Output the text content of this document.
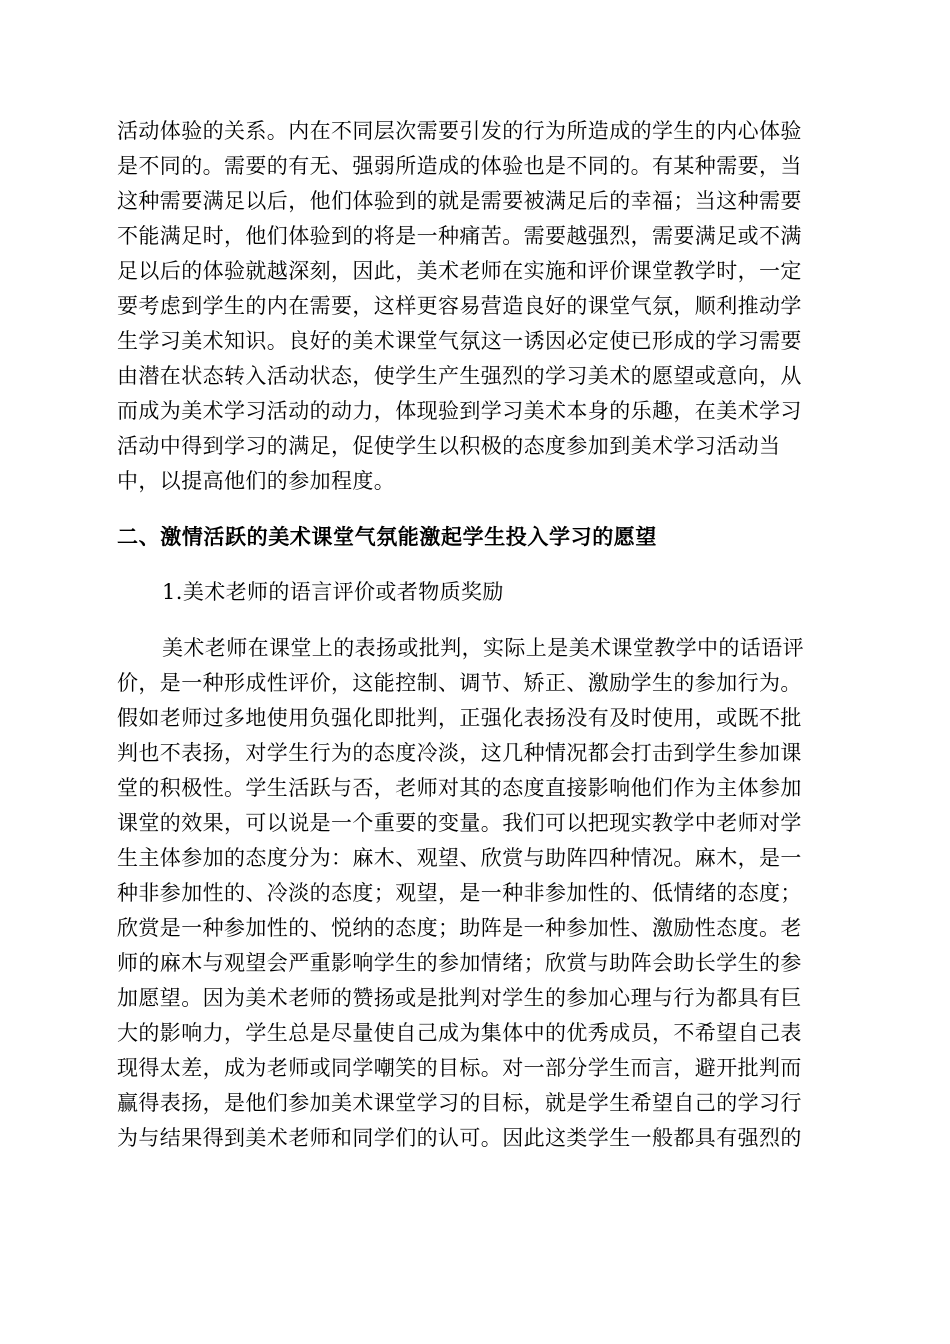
活动体验的关系。内在不同层次需要引发的行为所造成的学生的内心体验
是不同的。需要的有无、强弱所造成的体验也是不同的。有某种需要，当
这种需要满足以后，他们体验到的就是需要被满足后的幸福；当这种需要
不能满足时，他们体验到的将是一种痛苦。需要越强烈，需要满足或不满
足以后的体验就越深刻，因此，美术老师在实施和评价课堂教学时，一定
要考虑到学生的内在需要，这样更容易营造良好的课堂气氛，顺利推动学
生学习美术知识。良好的美术课堂气氛这一诱因必定使已形成的学习需要
由潜在状态转入活动状态，使学生产生强烈的学习美术的愿望或意向，从
而成为美术学习活动的动力，体现验到学习美术本身的乐趣，在美术学习
活动中得到学习的满足，促使学生以积极的态度参加到美术学习活动当
中，以提高他们的参加程度。
二、激情活跃的美术课堂气氛能激起学生投入学习的愿望
1.美术老师的语言评价或者物质奖励
美术老师在课堂上的表扬或批判，实际上是美术课堂教学中的话语评
价，是一种形成性评价，这能控制、调节、矫正、激励学生的参加行为。
假如老师过多地使用负强化即批判，正强化表扬没有及时使用，或既不批
判也不表扬，对学生行为的态度冷淡，这几种情况都会打击到学生参加课
堂的积极性。学生活跃与否，老师对其的态度直接影响他们作为主体参加
课堂的效果，可以说是一个重要的变量。我们可以把现实教学中老师对学
生主体参加的态度分为：麻木、观望、欣赏与助阵四种情况。麻木，是一
种非参加性的、冷淡的态度；观望，是一种非参加性的、低情绪的态度；
欣赏是一种参加性的、悦纳的态度；助阵是一种参加性、激励性态度。老
师的麻木与观望会严重影响学生的参加情绪；欣赏与助阵会助长学生的参
加愿望。因为美术老师的赞扬或是批判对学生的参加心理与行为都具有巨
大的影响力，学生总是尽量使自己成为集体中的优秀成员，不希望自己表
现得太差，成为老师或同学嘲笑的目标。对一部分学生而言，避开批判而
赢得表扬，是他们参加美术课堂学习的目标，就是学生希望自己的学习行
为与结果得到美术老师和同学们的认可。因此这类学生一般都具有强烈的
